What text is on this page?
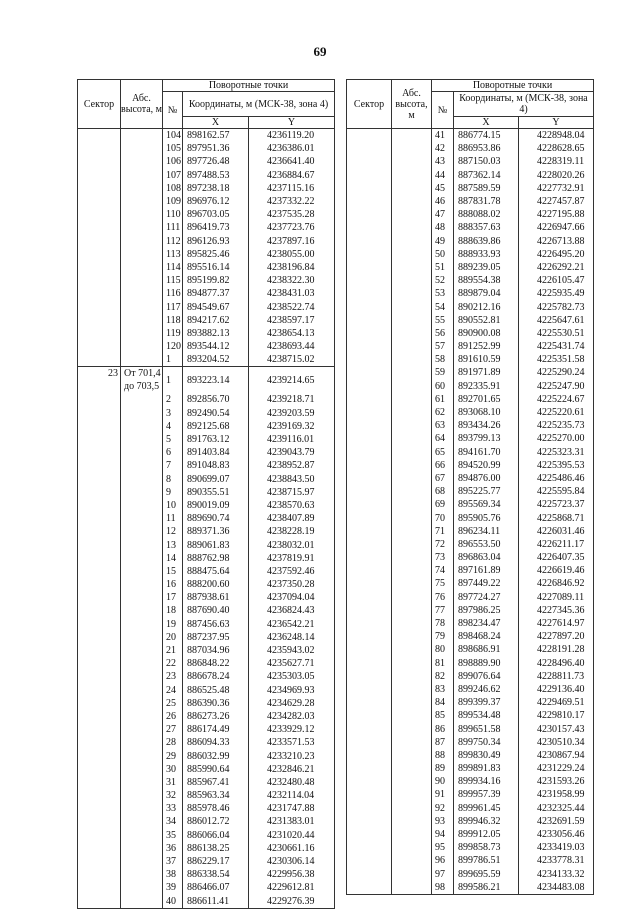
69
Сектор	Абс. высота, м	Поворотные точки		
		№	Координаты, м (МСК-38, зона 4)	
			X	Y
		104	898162.57	4236119.20
		105	897951.36	4236386.01
		106	897726.48	4236641.40
		107	897488.53	4236884.67
		108	897238.18	4237115.16
		109	896976.12	4237332.22
		110	896703.05	4237535.28
		111	896419.73	4237723.76
		112	896126.93	4237897.16
		113	895825.46	4238055.00
		114	895516.14	4238196.84
		115	895199.82	4238322.30
		116	894877.37	4238431.03
		117	894549.67	4238522.74
		118	894217.62	4238597.17
		119	893882.13	4238654.13
		120	893544.12	4238693.44
		1	893204.52	4238715.02
23	От 701,4
до 703,5	1	893223.14	4239214.65
		2	892856.70	4239218.71
		3	892490.54	4239203.59
		4	892125.68	4239169.32
		5	891763.12	4239116.01
		6	891403.84	4239043.79
		7	891048.83	4238952.87
		8	890699.07	4238843.50
		9	890355.51	4238715.97
		10	890019.09	4238570.63
		11	889690.74	4238407.89
		12	889371.36	4238228.19
		13	889061.83	4238032.01
		14	888762.98	4237819.91
		15	888475.64	4237592.46
		16	888200.60	4237350.28
		17	887938.61	4237094.04
		18	887690.40	4236824.43
		19	887456.63	4236542.21
		20	887237.95	4236248.14
		21	887034.96	4235943.02
		22	886848.22	4235627.71
		23	886678.24	4235303.05
		24	886525.48	4234969.93
		25	886390.36	4234629.28
		26	886273.26	4234282.03
		27	886174.49	4233929.12
		28	886094.33	4233571.53
		29	886032.99	4233210.23
		30	885990.64	4232846.21
		31	885967.41	4232480.48
		32	885963.34	4232114.04
		33	885978.46	4231747.88
		34	886012.72	4231383.01
		35	886066.04	4231020.44
		36	886138.25	4230661.16
		37	886229.17	4230306.14
		38	886338.54	4229956.38
		39	886466.07	4229612.81
		40	886611.41	4229276.39
Сектор	Абс. высота, м	Поворотные точки		
		№	Координаты, м (МСК-38, зона 4)	
			X	Y
		41	886774.15	4228948.04
		42	886953.86	4228628.65
		43	887150.03	4228319.11
		44	887362.14	4228020.26
		45	887589.59	4227732.91
		46	887831.78	4227457.87
		47	888088.02	4227195.88
		48	888357.63	4226947.66
		49	888639.86	4226713.88
		50	888933.93	4226495.20
		51	889239.05	4226292.21
		52	889554.38	4226105.47
		53	889879.04	4225935.49
		54	890212.16	4225782.73
		55	890552.81	4225647.61
		56	890900.08	4225530.51
		57	891252.99	4225431.74
		58	891610.59	4225351.58
		59	891971.89	4225290.24
		60	892335.91	4225247.90
		61	892701.65	4225224.67
		62	893068.10	4225220.61
		63	893434.26	4225235.73
		64	893799.13	4225270.00
		65	894161.70	4225323.31
		66	894520.99	4225395.53
		67	894876.00	4225486.46
		68	895225.77	4225595.84
		69	895569.34	4225723.37
		70	895905.76	4225868.71
		71	896234.11	4226031.46
		72	896553.50	4226211.17
		73	896863.04	4226407.35
		74	897161.89	4226619.46
		75	897449.22	4226846.92
		76	897724.27	4227089.11
		77	897986.25	4227345.36
		78	898234.47	4227614.97
		79	898468.24	4227897.20
		80	898686.91	4228191.28
		81	898889.90	4228496.40
		82	899076.64	4228811.73
		83	899246.62	4229136.40
		84	899399.37	4229469.51
		85	899534.48	4229810.17
		86	899651.58	4230157.43
		87	899750.34	4230510.34
		88	899830.49	4230867.94
		89	899891.83	4231229.24
		90	899934.16	4231593.26
		91	899957.39	4231958.99
		92	899961.45	4232325.44
		93	899946.32	4232691.59
		94	899912.05	4233056.46
		95	899858.73	4233419.03
		96	899786.51	4233778.31
		97	899695.59	4234133.32
		98	899586.21	4234483.08
